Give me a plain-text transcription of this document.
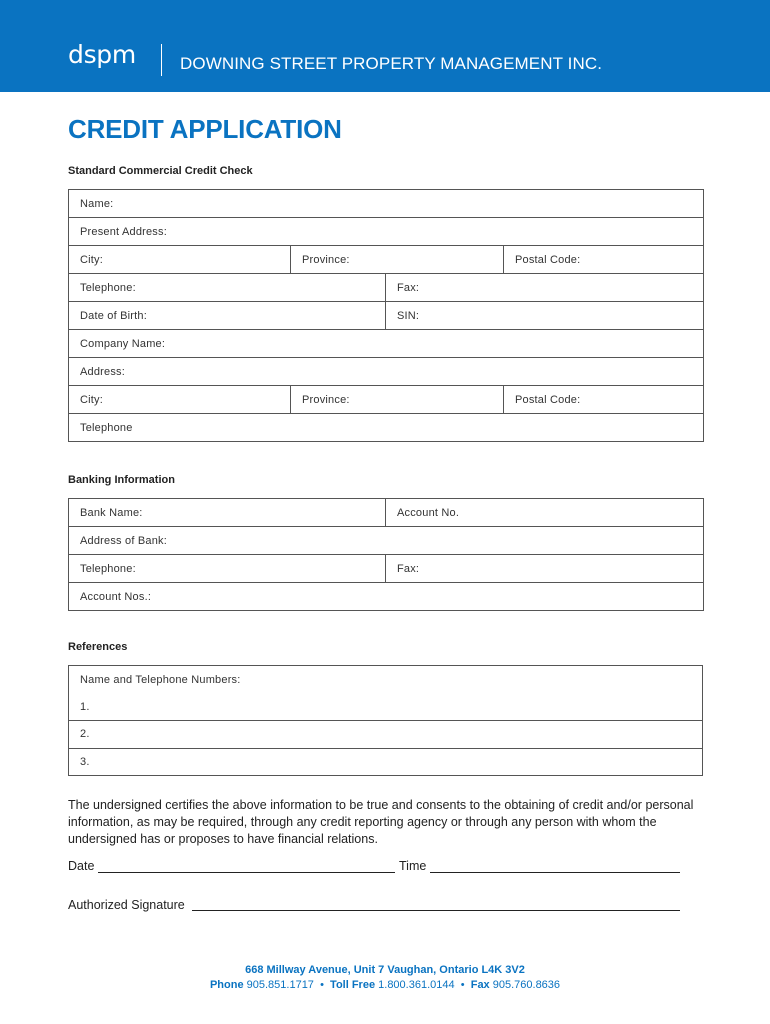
dspm	DOWNING STREET PROPERTY MANAGEMENT INC.
CREDIT APPLICATION
Standard Commercial Credit Check
Name:			
Present Address:			
City:	Province:		Postal Code:
Telephone:		Fax:	
Date of Birth:		SIN:	
Company Name:			
Address:			
City:	Province:		Postal Code:
Telephone			
Banking Information
Bank Name:	Account No.
Address of Bank:	
Telephone:	Fax:
Account Nos.:	
References
Name and Telephone Numbers:
1.
2.
3.
The undersigned certifies the above information to be true and consents to the obtaining of credit and/or personal information, as may be required, through any credit reporting agency or through any person with whom the undersigned has or proposes to have financial relations.
Date	Time
Authorized Signature
668 Millway Avenue, Unit 7 Vaughan, Ontario L4K 3V2
Phone 905.851.1717 • Toll Free 1.800.361.0144 • Fax 905.760.8636
